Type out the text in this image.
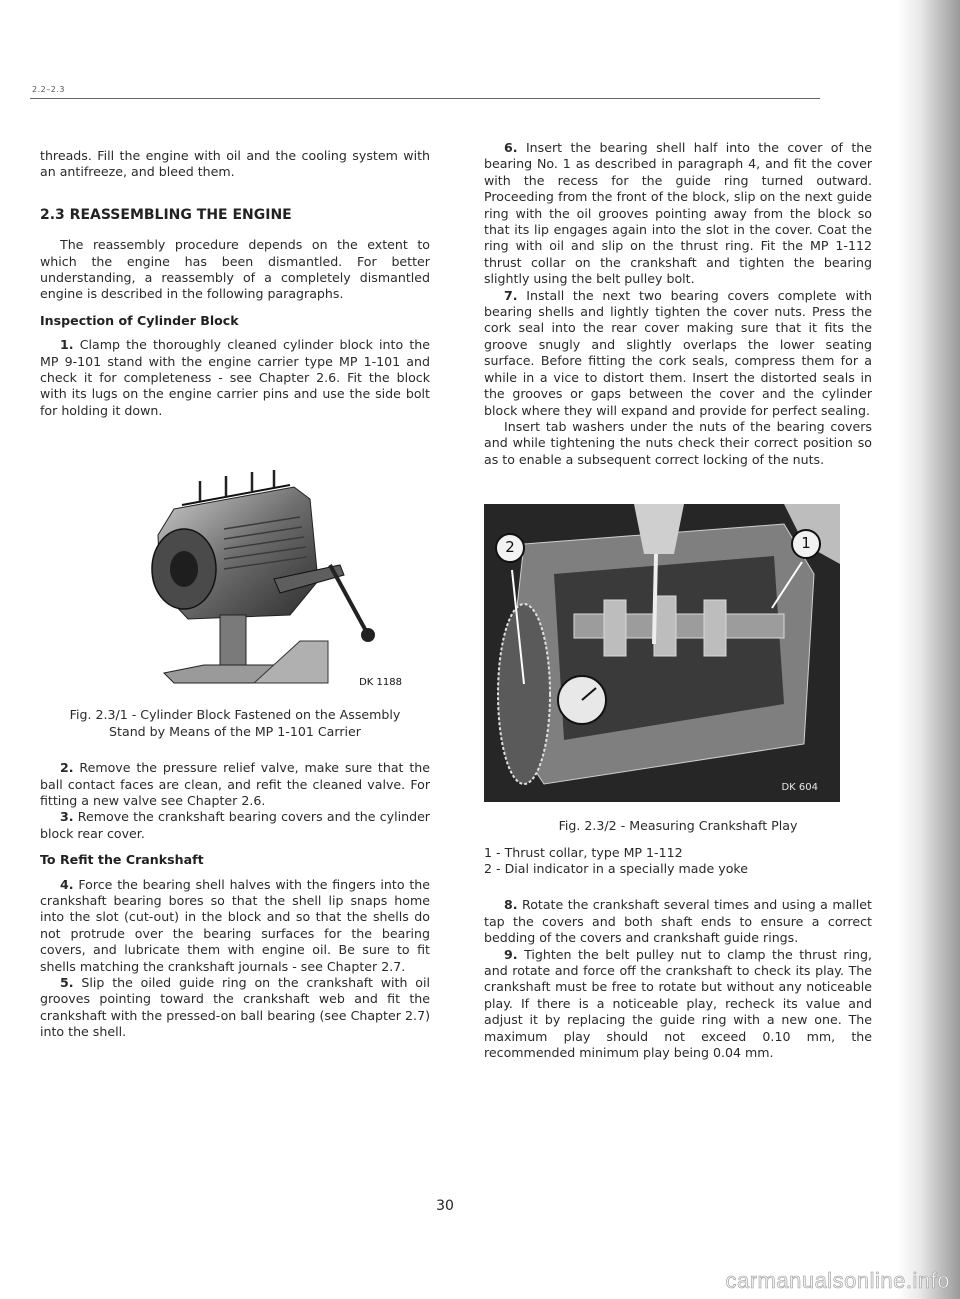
2.2–2.3

threads. Fill the engine with oil and the cooling system with an antifreeze, and bleed them.

2.3 REASSEMBLING THE ENGINE

The reassembly procedure depends on the extent to which the engine has been dismantled. For better understanding, a reassembly of a completely dismantled engine is described in the following paragraphs.

Inspection of Cylinder Block

1. Clamp the thoroughly cleaned cylinder block into the MP 9-101 stand with the engine carrier type MP 1-101 and check it for completeness - see Chapter 2.6. Fit the block with its lugs on the engine carrier pins and use the side bolt for holding it down.

DK 1188

Fig. 2.3/1 - Cylinder Block Fastened on the Assembly Stand by Means of the MP 1-101 Carrier

2. Remove the pressure relief valve, make sure that the ball contact faces are clean, and refit the cleaned valve. For fitting a new valve see Chapter 2.6.

3. Remove the crankshaft bearing covers and the cylinder block rear cover.

To Refit the Crankshaft

4. Force the bearing shell halves with the fingers into the crankshaft bearing bores so that the shell lip snaps home into the slot (cut-out) in the block and so that the shells do not protrude over the bearing surfaces for the bearing covers, and lubricate them with engine oil. Be sure to fit shells matching the crankshaft journals - see Chapter 2.7.

5. Slip the oiled guide ring on the crankshaft with oil grooves pointing toward the crankshaft web and fit the crankshaft with the pressed-on ball bearing (see Chapter 2.7) into the shell.

6. Insert the bearing shell half into the cover of the bearing No. 1 as described in paragraph 4, and fit the cover with the recess for the guide ring turned outward. Proceeding from the front of the block, slip on the next guide ring with the oil grooves pointing away from the block so that its lip engages again into the slot in the cover. Coat the ring with oil and slip on the thrust ring. Fit the MP 1-112 thrust collar on the crankshaft and tighten the bearing slightly using the belt pulley bolt.

7. Install the next two bearing covers complete with bearing shells and lightly tighten the cover nuts. Press the cork seal into the rear cover making sure that it fits the groove snugly and slightly overlaps the lower seating surface. Before fitting the cork seals, compress them for a while in a vice to distort them. Insert the distorted seals in the grooves or gaps between the cover and the cylinder block where they will expand and provide for perfect sealing.

Insert tab washers under the nuts of the bearing covers and while tightening the nuts check their correct position so as to enable a subsequent correct locking of the nuts.

2	1
DK 604

Fig. 2.3/2 - Measuring Crankshaft Play

1 - Thrust collar, type MP 1-112

2 - Dial indicator in a specially made yoke

8. Rotate the crankshaft several times and using a mallet tap the covers and both shaft ends to ensure a correct bedding of the covers and crankshaft guide rings.

9. Tighten the belt pulley nut to clamp the thrust ring, and rotate and force off the crankshaft to check its play. The crankshaft must be free to rotate but without any noticeable play. If there is a noticeable play, recheck its value and adjust it by replacing the guide ring with a new one. The maximum play should not exceed 0.10 mm, the recommended minimum play being 0.04 mm.

30
carmanualsonline.info
